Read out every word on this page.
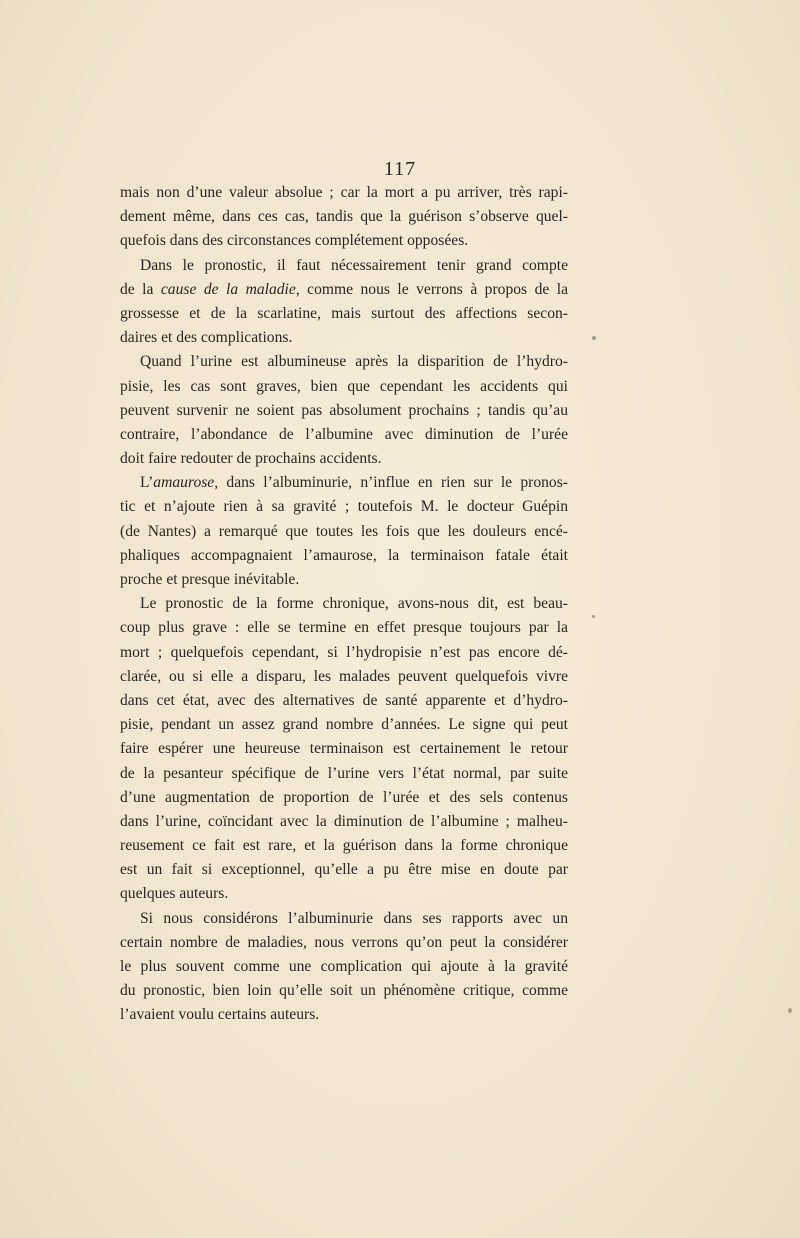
117
mais non d’une valeur absolue ; car la mort a pu arriver, très rapi-
dement même, dans ces cas, tandis que la guérison s’observe quel-
quefois dans des circonstances complétement opposées.
Dans le pronostic, il faut nécessairement tenir grand compte
de la cause de la maladie, comme nous le verrons à propos de la
grossesse et de la scarlatine, mais surtout des affections secon-
daires et des complications.
Quand l’urine est albumineuse après la disparition de l’hydro-
pisie, les cas sont graves, bien que cependant les accidents qui
peuvent survenir ne soient pas absolument prochains ; tandis qu’au
contraire, l’abondance de l’albumine avec diminution de l’urée
doit faire redouter de prochains accidents.
L’amaurose, dans l’albuminurie, n’influe en rien sur le pronos-
tic et n’ajoute rien à sa gravité ; toutefois M. le docteur Guépin
(de Nantes) a remarqué que toutes les fois que les douleurs encé-
phaliques accompagnaient l’amaurose, la terminaison fatale était
proche et presque inévitable.
Le pronostic de la forme chronique, avons-nous dit, est beau-
coup plus grave : elle se termine en effet presque toujours par la
mort ; quelquefois cependant, si l’hydropisie n’est pas encore dé-
clarée, ou si elle a disparu, les malades peuvent quelquefois vivre
dans cet état, avec des alternatives de santé apparente et d’hydro-
pisie, pendant un assez grand nombre d’années. Le signe qui peut
faire espérer une heureuse terminaison est certainement le retour
de la pesanteur spécifique de l’urine vers l’état normal, par suite
d’une augmentation de proportion de l’urée et des sels contenus
dans l’urine, coïncidant avec la diminution de l’albumine ; malheu-
reusement ce fait est rare, et la guérison dans la forme chronique
est un fait si exceptionnel, qu’elle a pu être mise en doute par
quelques auteurs.
Si nous considérons l’albuminurie dans ses rapports avec un
certain nombre de maladies, nous verrons qu’on peut la considérer
le plus souvent comme une complication qui ajoute à la gravité
du pronostic, bien loin qu’elle soit un phénomène critique, comme
l’avaient voulu certains auteurs.
